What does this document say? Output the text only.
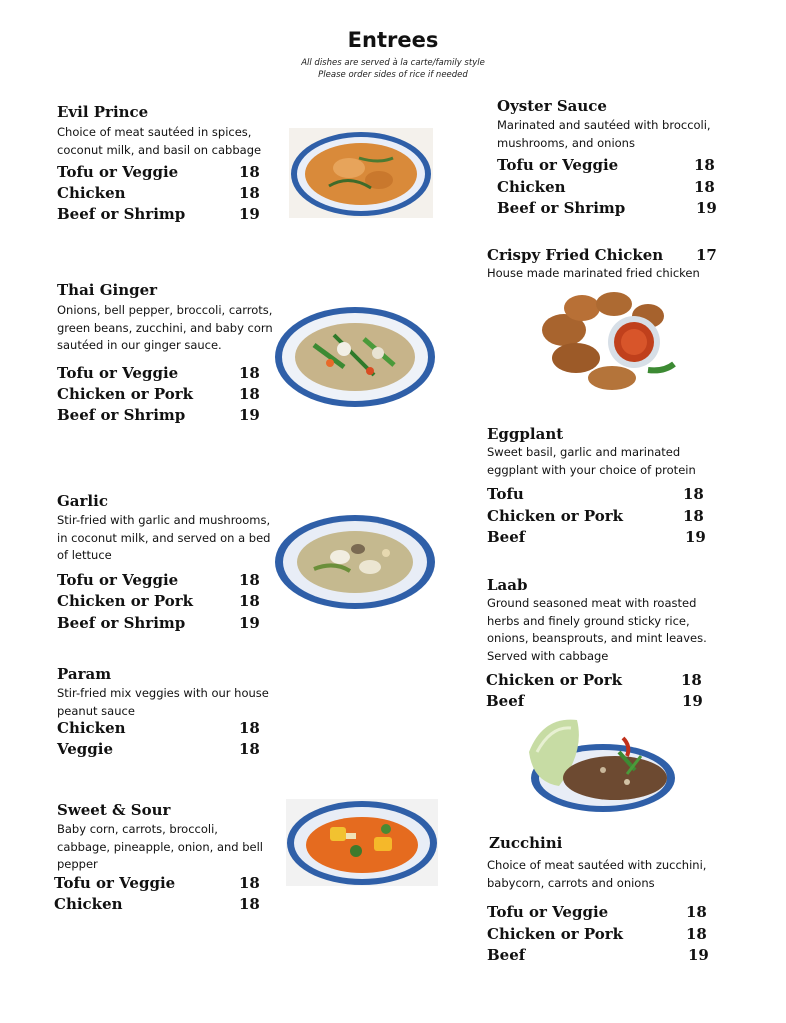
Entrees
All dishes are served à la carte/family style
Please order sides of rice if needed
Evil Prince
Choice of meat sautéed in spices,
coconut milk, and basil on cabbage
Tofu or Veggie	18
Chicken	18
Beef or Shrimp	19
Thai Ginger
Onions, bell pepper, broccoli, carrots,
green beans, zucchini, and baby corn
sautéed in our ginger sauce.
Tofu or Veggie	18
Chicken or Pork	18
Beef or Shrimp	19
Garlic
Stir-fried with garlic and mushrooms,
in coconut milk, and served on a bed
of lettuce
Tofu or Veggie	18
Chicken or Pork	18
Beef or Shrimp	19
Param
Stir-fried mix veggies with our house
peanut sauce
Chicken	18
Veggie	18
Sweet & Sour
Baby corn, carrots, broccoli,
cabbage, pineapple, onion, and bell
pepper
Tofu or Veggie	18
Chicken	18
Oyster Sauce
Marinated and sautéed with broccoli,
mushrooms, and onions
Tofu or Veggie	18
Chicken	18
Beef or Shrimp	19
Crispy Fried Chicken 17
House made marinated fried chicken
Eggplant
Sweet basil, garlic and marinated
eggplant with your choice of protein
Tofu	18
Chicken or Pork	18
Beef	19
Laab
Ground seasoned meat with roasted
herbs and finely ground sticky rice,
onions, beansprouts, and mint leaves.
Served with cabbage
Chicken or Pork	18
Beef	19
Zucchini
Choice of meat sautéed with zucchini,
babycorn, carrots and onions
Tofu or Veggie	18
Chicken or Pork	18
Beef	19
